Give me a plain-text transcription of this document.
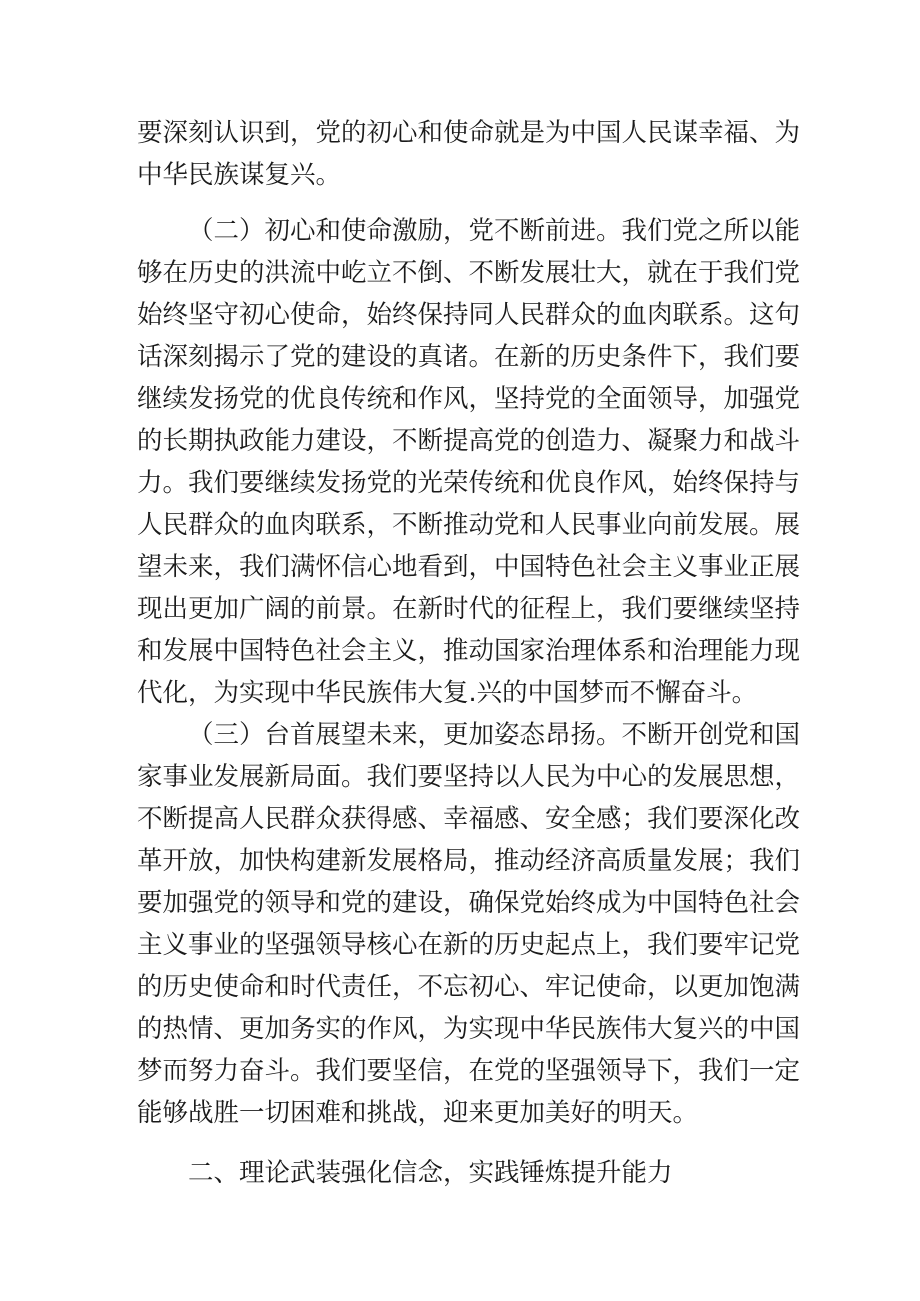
要深刻认识到，党的初心和使命就是为中国人民谋幸福、为中华民族谋复兴。

（二）初心和使命激励，党不断前进。我们党之所以能够在历史的洪流中屹立不倒、不断发展壮大，就在于我们党始终坚守初心使命，始终保持同人民群众的血肉联系。这句话深刻揭示了党的建设的真诸。在新的历史条件下，我们要继续发扬党的优良传统和作风，坚持党的全面领导，加强党的长期执政能力建设，不断提高党的创造力、凝聚力和战斗力。我们要继续发扬党的光荣传统和优良作风，始终保持与人民群众的血肉联系，不断推动党和人民事业向前发展。展望未来，我们满怀信心地看到，中国特色社会主义事业正展现出更加广阔的前景。在新时代的征程上，我们要继续坚持和发展中国特色社会主义，推动国家治理体系和治理能力现代化，为实现中华民族伟大复.兴的中国梦而不懈奋斗。

（三）台首展望未来，更加姿态昂扬。不断开创党和国家事业发展新局面。我们要坚持以人民为中心的发展思想，不断提高人民群众获得感、幸福感、安全感；我们要深化改革开放，加快构建新发展格局，推动经济高质量发展；我们要加强党的领导和党的建设，确保党始终成为中国特色社会主义事业的坚强领导核心在新的历史起点上，我们要牢记党的历史使命和时代责任，不忘初心、牢记使命，以更加饱满的热情、更加务实的作风，为实现中华民族伟大复兴的中国梦而努力奋斗。我们要坚信，在党的坚强领导下，我们一定能够战胜一切困难和挑战，迎来更加美好的明天。

二、理论武装强化信念，实践锤炼提升能力
